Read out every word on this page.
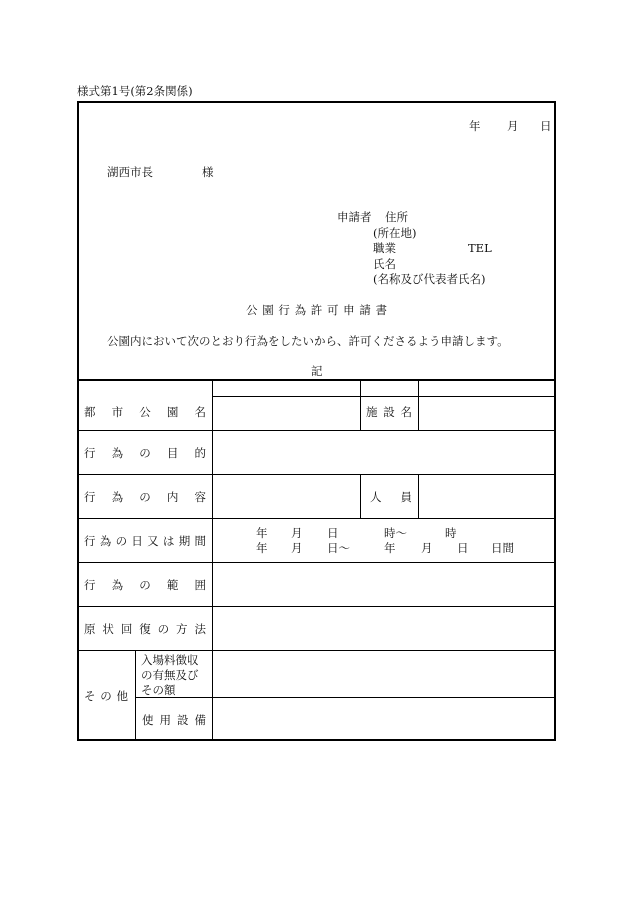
様式第1号(第2条関係)
年 月 日
湖西市長	様
申請者 住所
(所在地)
職業	TEL
氏名
(名称及び代表者氏名)
公 園 行 為 許 可 申 請 書
公園内において次のとおり行為をしたいから、許可くださるよう申請します。
記
都 市 公 園 名	施 設 名
行 為 の 目 的
行 為 の 内 容	人 員
行 為 の 日 又 は 期 間
年 月 日	時〜	時
年 月 日〜	年 月 日 日間
行 為 の 範 囲
原 状 回 復 の 方 法
そ の 他
入場料徴収
の有無及び
その額
使 用 設 備
